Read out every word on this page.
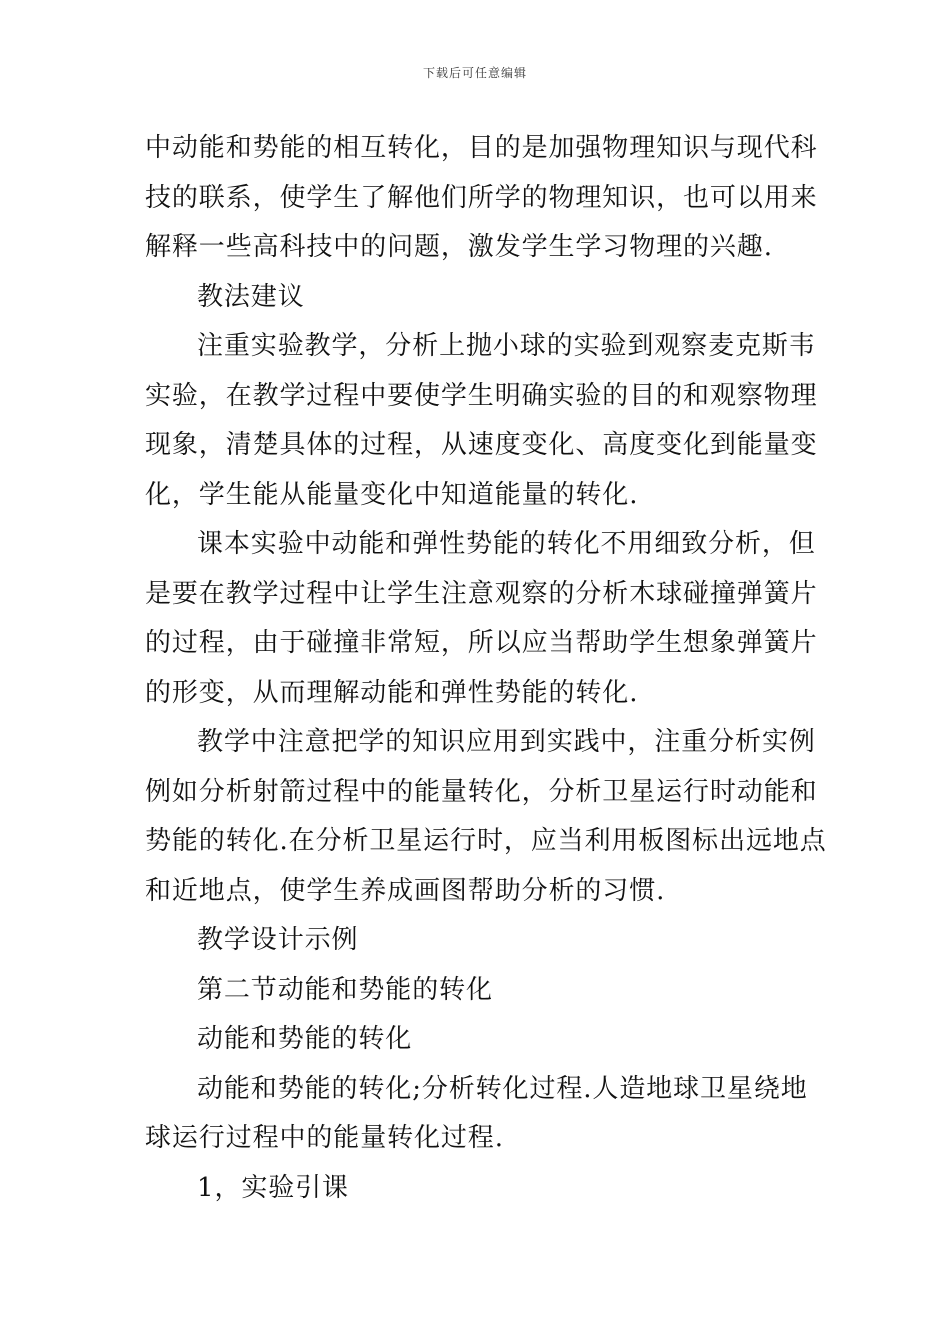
下载后可任意编辑
中动能和势能的相互转化，目的是加强物理知识与现代科
技的联系，使学生了解他们所学的物理知识，也可以用来
解释一些高科技中的问题，激发学生学习物理的兴趣.
教法建议
注重实验教学，分析上抛小球的实验到观察麦克斯韦
实验，在教学过程中要使学生明确实验的目的和观察物理
现象，清楚具体的过程，从速度变化、高度变化到能量变
化，学生能从能量变化中知道能量的转化.
课本实验中动能和弹性势能的转化不用细致分析，但
是要在教学过程中让学生注意观察的分析木球碰撞弹簧片
的过程，由于碰撞非常短，所以应当帮助学生想象弹簧片
的形变，从而理解动能和弹性势能的转化.
教学中注意把学的知识应用到实践中，注重分析实例
例如分析射箭过程中的能量转化，分析卫星运行时动能和
势能的转化.在分析卫星运行时，应当利用板图标出远地点
和近地点，使学生养成画图帮助分析的习惯.
教学设计示例
第二节动能和势能的转化
动能和势能的转化
动能和势能的转化;分析转化过程.人造地球卫星绕地
球运行过程中的能量转化过程.
1，实验引课
